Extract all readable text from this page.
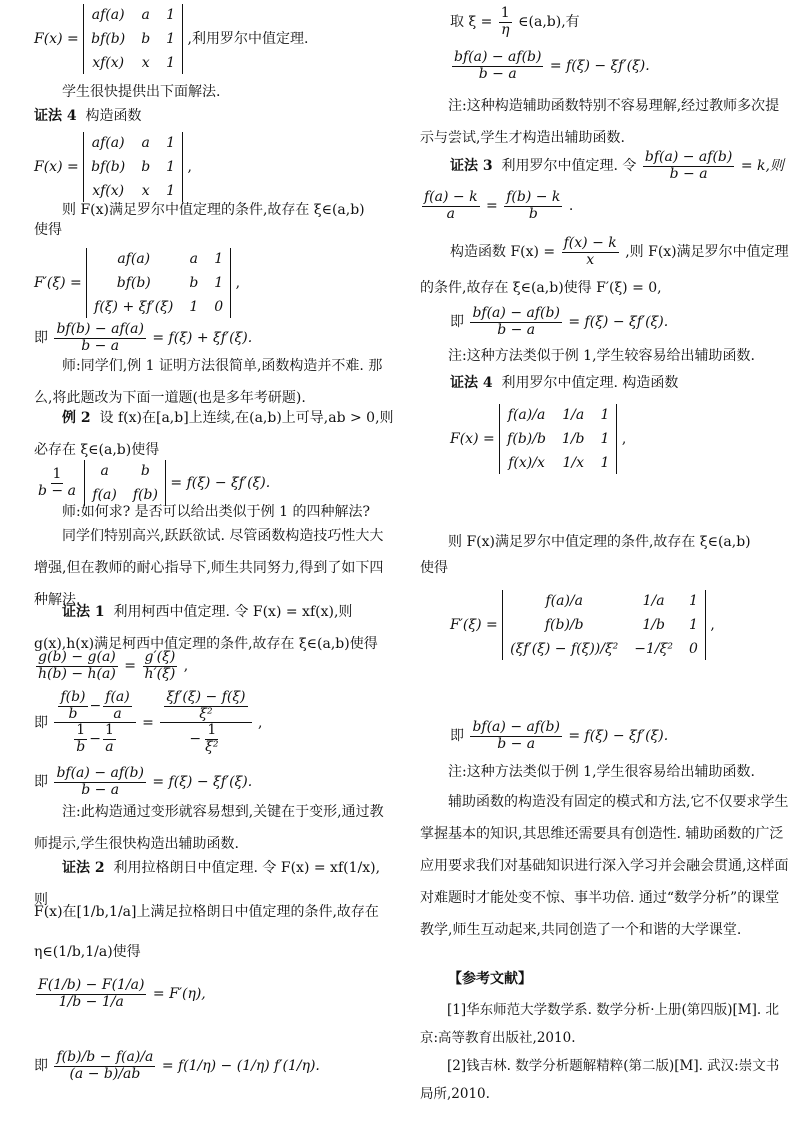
F(x) =
af(a) a 1
bf(b) b 1
xf(x) x 1
,利用罗尔中值定理.
学生很快提供出下面解法.
证法 4 构造函数
F(x) =
af(a) a 1
bf(b) b 1
xf(x) x 1
,
则 F(x)满足罗尔中值定理的条件,故存在 ξ∈(a,b)
使得
F′(ξ) =
af(a)	a 1
bf(b)	b 1
f(ξ) + ξf′(ξ) 1 0
,
即 $\frac{bf(b) - af(a)}{b - a} = f(\xi) + \xi f'(\xi)$.
师:同学们,例 1 证明方法很简单,函数构造并不难. 那么,将此题改为下面一道题(也是多年考研题).
例 2 设 f(x)在[a,b]上连续,在(a,b)上可导,ab > 0,则必存在 ξ∈(a,b)使得
$\frac{1}{b - a}$
a b
f(a) f(b)
= f(ξ) − ξf′(ξ).
师:如何求? 是否可以给出类似于例 1 的四种解法?
同学们特别高兴,跃跃欲试. 尽管函数构造技巧性大大增强,但在教师的耐心指导下,师生共同努力,得到了如下四种解法.
证法 1 利用柯西中值定理. 令 F(x) = xf(x),则 g(x),h(x)满足柯西中值定理的条件,故存在 ξ∈(a,b)使得
$\frac{g(b) - g(a)}{h(b) - h(a)} = \frac{g'(\xi)}{h'(\xi)}$ ,
即 $\frac{\frac{f(b)}{b} - \frac{f(a)}{a}}{\frac{1}{b} - \frac{1}{a}} = \frac{\frac{\xi f'(\xi) - f(\xi)}{\text{ξ²}}}{- \frac{1}{\text{ξ²}}}$ ,
即 $\frac{bf(a) - af(b)}{b - a} = f(\xi) - \xi f'(\xi)$.
注:此构造通过变形就容易想到,关键在于变形,通过教师提示,学生很快构造出辅助函数.
证法 2 利用拉格朗日中值定理. 令 F(x) = xf(1/x),则
F(x)在[1/b,1/a]上满足拉格朗日中值定理的条件,故存在
η∈(1/b,1/a)使得
$\frac{F(1/b) - F(1/a)}{1/b - 1/a} = F'(\eta)$,
即 $\frac{f(b)/b - f(a)/a}{(a - b)/ab} = f(1/\eta) - (1/\eta)$ f′(1/η).
取 $\xi = \frac{1}{\eta}$ ∈(a,b),有
$\frac{bf(a) - af(b)}{b - a} = f(\xi) - \xi f'(\xi)$.
注:这种构造辅助函数特别不容易理解,经过教师多次提示与尝试,学生才构造出辅助函数.
证法 3 利用罗尔中值定理. 令 $\frac{bf(a) - af(b)}{b - a} = k$,则
$\frac{f(a) - k}{a} = \frac{f(b) - k}{b}$ .
构造函数 $F(x) = \frac{f(x) - k}{x}$ ,则 F(x)满足罗尔中值定理
的条件,故存在 ξ∈(a,b)使得 F′(ξ) = 0,
即 $\frac{bf(a) - af(b)}{b - a} = f(\xi) - \xi f'(\xi)$.
注:这种方法类似于例 1,学生较容易给出辅助函数.
证法 4 利用罗尔中值定理. 构造函数
F(x) =
f(a)/a 1/a 1
f(b)/b 1/b 1
f(x)/x 1/x 1
,
则 F(x)满足罗尔中值定理的条件,故存在 ξ∈(a,b)
使得
F′(ξ) =
f(a)/a	1/a 1
f(b)/b	1/b 1
(ξf′(ξ) − f(ξ))/ξ² −1/ξ² 0
,
即 $\frac{bf(a) - af(b)}{b - a} = f(\xi) - \xi f'(\xi)$.
注:这种方法类似于例 1,学生很容易给出辅助函数.
辅助函数的构造没有固定的模式和方法,它不仅要求学生掌握基本的知识,其思维还需要具有创造性. 辅助函数的广泛应用要求我们对基础知识进行深入学习并会融会贯通,这样面对难题时才能处变不惊、事半功倍. 通过“数学分析”的课堂教学,师生互动起来,共同创造了一个和谐的大学课堂.
【参考文献】
[1]华东师范大学数学系. 数学分析·上册(第四版)[M]. 北京:高等教育出版社,2010.
[2]钱吉林. 数学分析题解精粹(第二版)[M]. 武汉:崇文书局所,2010.
